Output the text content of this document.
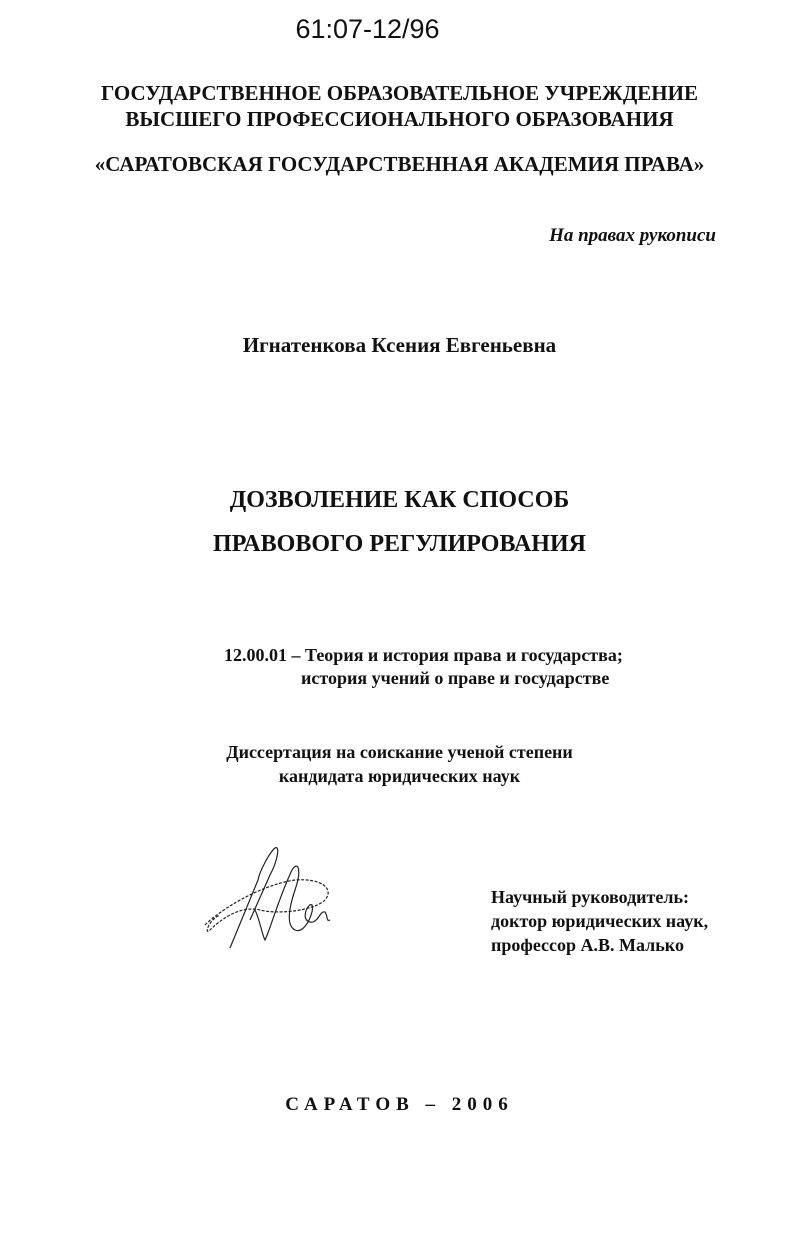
61:07-12/96
ГОСУДАРСТВЕННОЕ ОБРАЗОВАТЕЛЬНОЕ УЧРЕЖДЕНИЕ
ВЫСШЕГО ПРОФЕССИОНАЛЬНОГО ОБРАЗОВАНИЯ
«САРАТОВСКАЯ ГОСУДАРСТВЕННАЯ АКАДЕМИЯ ПРАВА»
На правах рукописи
Игнатенкова Ксения Евгеньевна
ДОЗВОЛЕНИЕ КАК СПОСОБ
ПРАВОВОГО РЕГУЛИРОВАНИЯ
12.00.01 – Теория и история права и государства;
история учений о праве и государстве
Диссертация на соискание ученой степени
кандидата юридических наук
Научный руководитель:
доктор юридических наук,
профессор А.В. Малько
САРАТОВ – 2006
